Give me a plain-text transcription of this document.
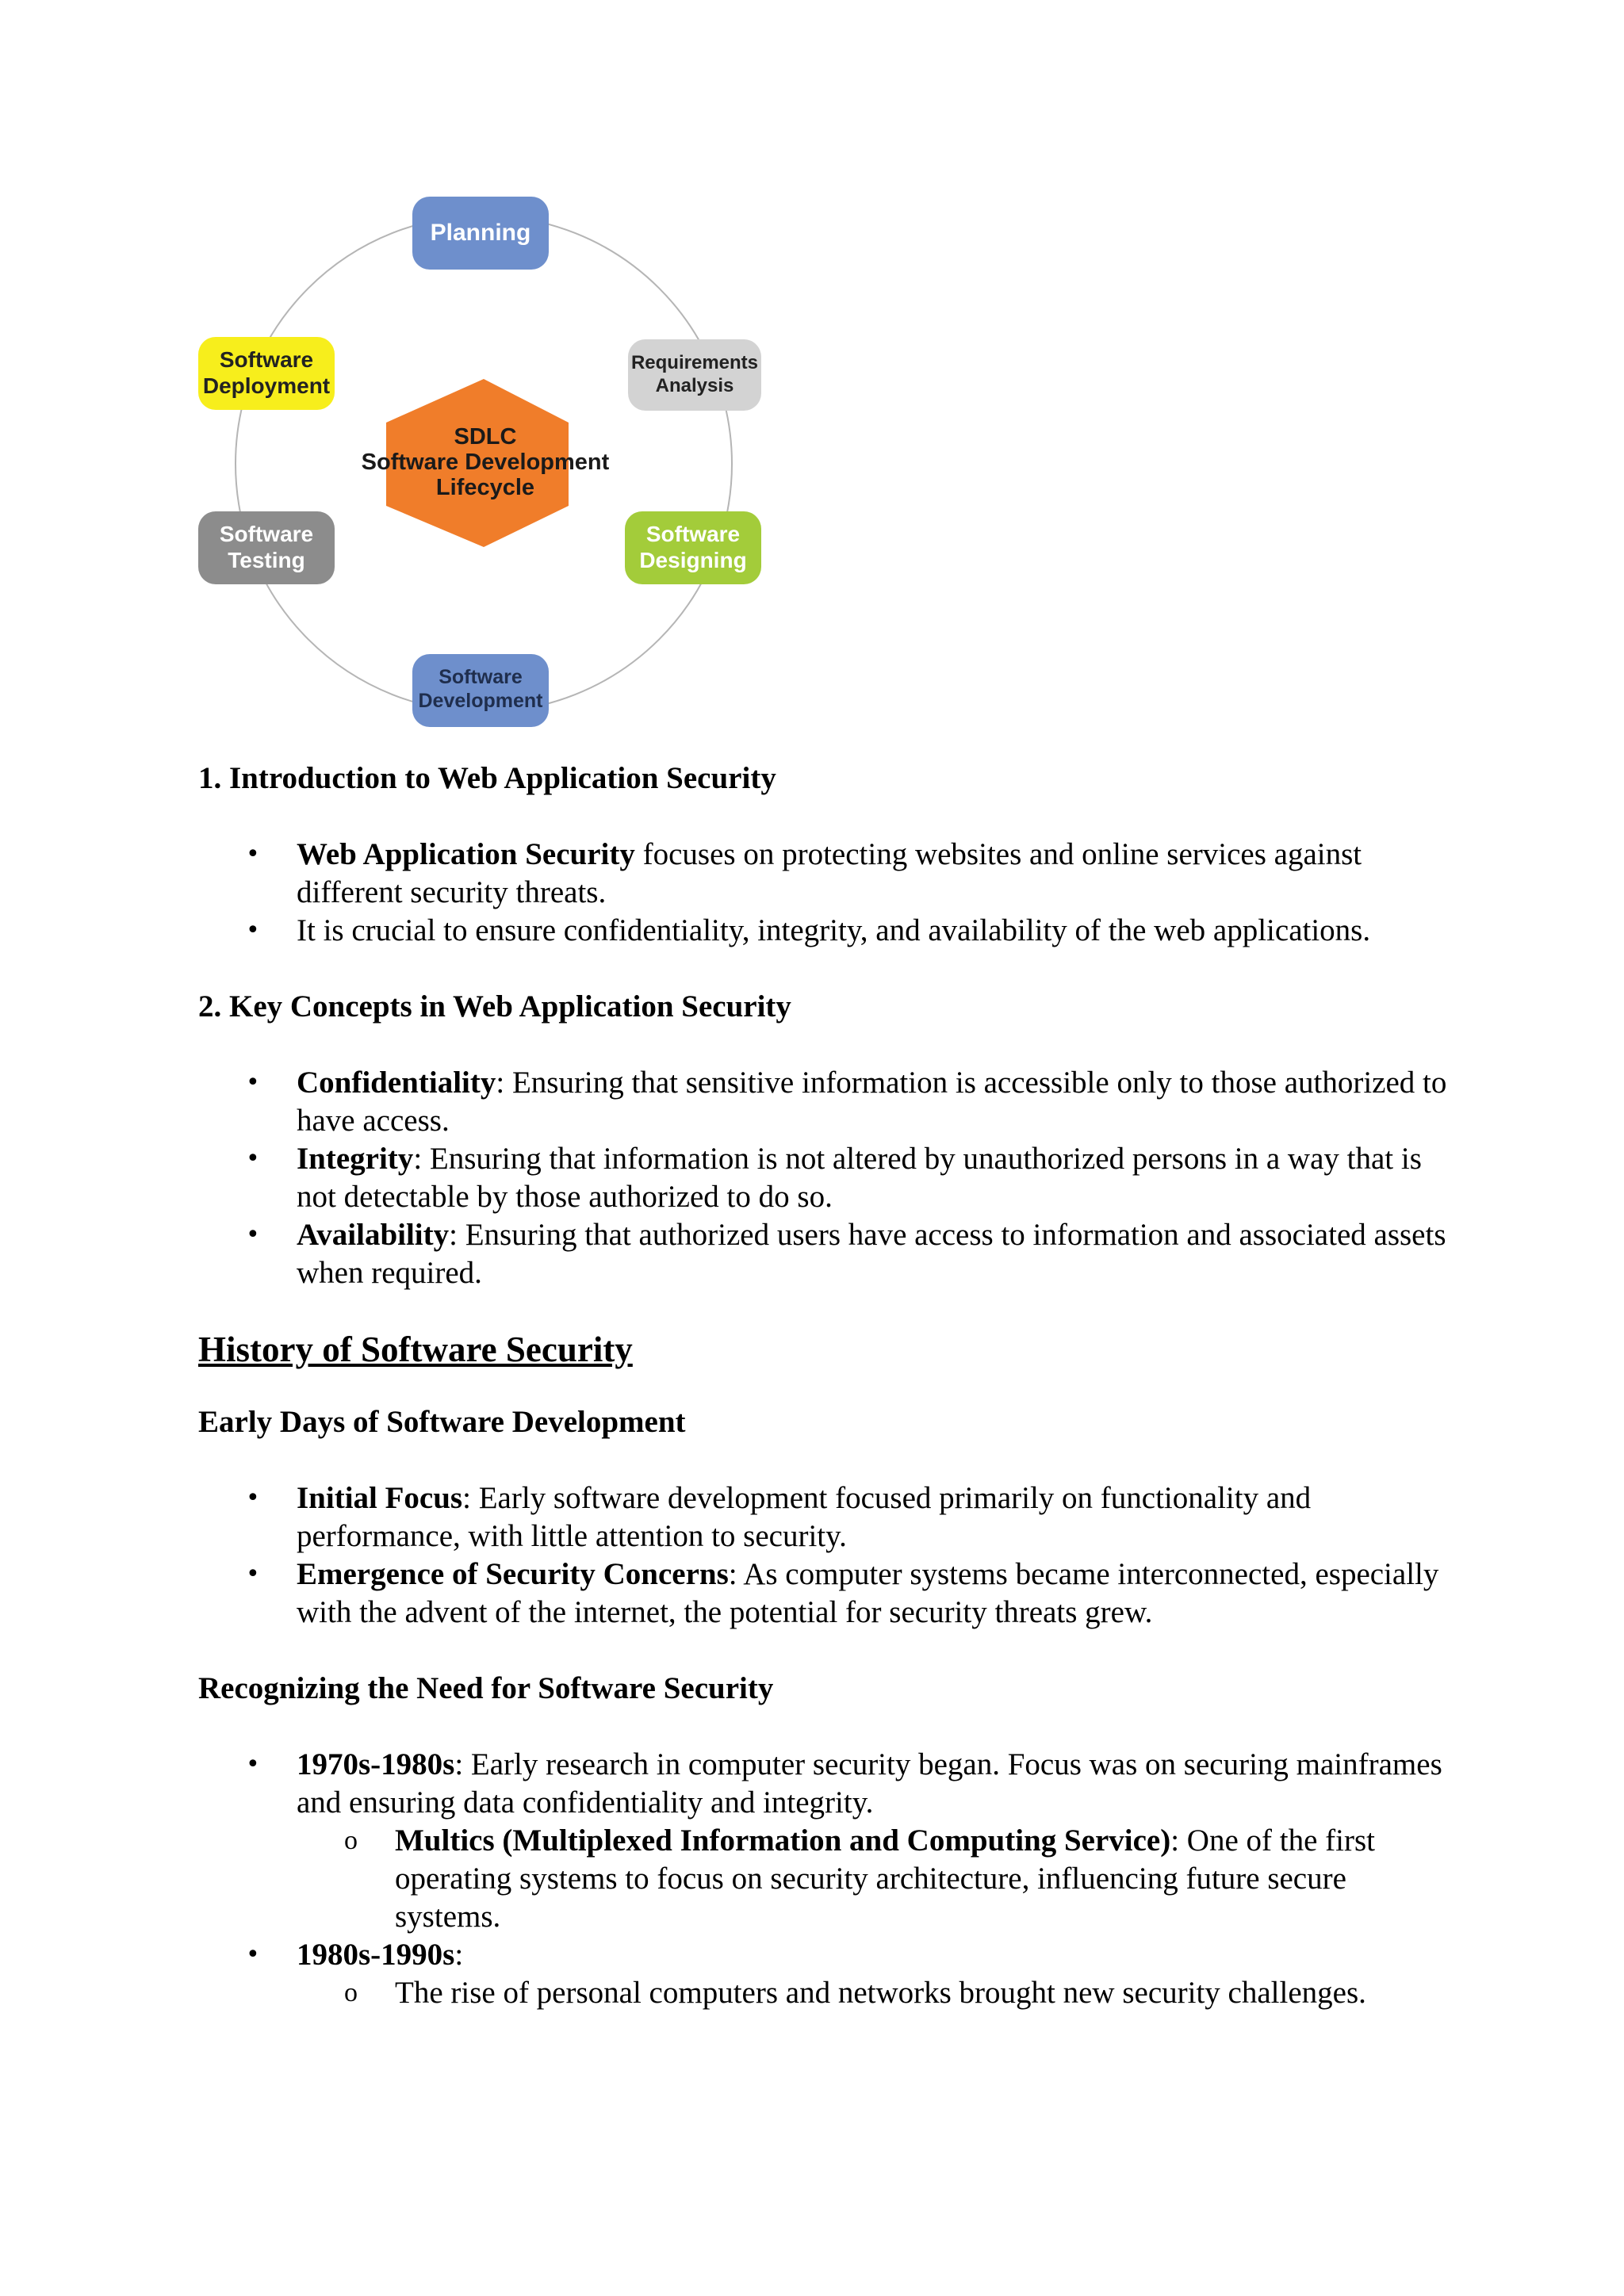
SDLC
Software Development
Lifecycle
Planning
Requirements
Analysis
Software
Designing
Software
Development
Software
Testing
Software
Deployment
1. Introduction to Web Application Security
• Web Application Security focuses on protecting websites and online services against different security threats.
• It is crucial to ensure confidentiality, integrity, and availability of the web applications.
2. Key Concepts in Web Application Security
• Confidentiality: Ensuring that sensitive information is accessible only to those authorized to have access.
• Integrity: Ensuring that information is not altered by unauthorized persons in a way that is not detectable by those authorized to do so.
• Availability: Ensuring that authorized users have access to information and associated assets when required.
History of Software Security
Early Days of Software Development
• Initial Focus: Early software development focused primarily on functionality and performance, with little attention to security.
• Emergence of Security Concerns: As computer systems became interconnected, especially with the advent of the internet, the potential for security threats grew.
Recognizing the Need for Software Security
• 1970s-1980s: Early research in computer security began. Focus was on securing mainframes and ensuring data confidentiality and integrity.
o Multics (Multiplexed Information and Computing Service): One of the first operating systems to focus on security architecture, influencing future secure systems.
• 1980s-1990s:
o The rise of personal computers and networks brought new security challenges.
